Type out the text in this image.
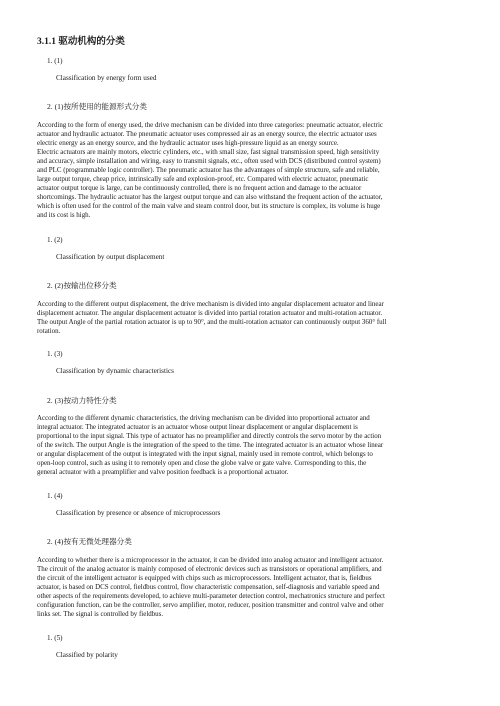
3.1.1 驱动机构的分类
1. (1)
Classification by energy form used
2. (1)按所使用的能源形式分类
According to the form of energy used, the drive mechanism can be divided into three categories: pneumatic actuator, electric
actuator and hydraulic actuator. The pneumatic actuator uses compressed air as an energy source, the electric actuator uses
electric energy as an energy source, and the hydraulic actuator uses high-pressure liquid as an energy source.
Electric actuators are mainly motors, electric cylinders, etc., with small size, fast signal transmission speed, high sensitivity
and accuracy, simple installation and wiring, easy to transmit signals, etc., often used with DCS (distributed control system)
and PLC (programmable logic controller). The pneumatic actuator has the advantages of simple structure, safe and reliable,
large output torque, cheap price, intrinsically safe and explosion-proof, etc. Compared with electric actuator, pneumatic
actuator output torque is large, can be continuously controlled, there is no frequent action and damage to the actuator
shortcomings. The hydraulic actuator has the largest output torque and can also withstand the frequent action of the actuator,
which is often used for the control of the main valve and steam control door, but its structure is complex, its volume is huge
and its cost is high.
1. (2)
Classification by output displacement
2. (2)按输出位移分类
According to the different output displacement, the drive mechanism is divided into angular displacement actuator and linear
displacement actuator. The angular displacement actuator is divided into partial rotation actuator and multi-rotation actuator.
The output Angle of the partial rotation actuator is up to 90°, and the multi-rotation actuator can continuously output 360° full
rotation.
1. (3)
Classification by dynamic characteristics
2. (3)按动力特性分类
According to the different dynamic characteristics, the driving mechanism can be divided into proportional actuator and
integral actuator. The integrated actuator is an actuator whose output linear displacement or angular displacement is
proportional to the input signal. This type of actuator has no preamplifier and directly controls the servo motor by the action
of the switch. The output Angle is the integration of the speed to the time. The integrated actuator is an actuator whose linear
or angular displacement of the output is integrated with the input signal, mainly used in remote control, which belongs to
open-loop control, such as using it to remotely open and close the globe valve or gate valve. Corresponding to this, the
general actuator with a preamplifier and valve position feedback is a proportional actuator.
1. (4)
Classification by presence or absence of microprocessors
2. (4)按有无微处理器分类
According to whether there is a microprocessor in the actuator, it can be divided into analog actuator and intelligent actuator.
The circuit of the analog actuator is mainly composed of electronic devices such as transistors or operational amplifiers, and
the circuit of the intelligent actuator is equipped with chips such as microprocessors. Intelligent actuator, that is, fieldbus
actuator, is based on DCS control, fieldbus control, flow characteristic compensation, self-diagnosis and variable speed and
other aspects of the requirements developed, to achieve multi-parameter detection control, mechatronics structure and perfect
configuration function, can be the controller, servo amplifier, motor, reducer, position transmitter and control valve and other
links set. The signal is controlled by fieldbus.
1. (5)
Classified by polarity
